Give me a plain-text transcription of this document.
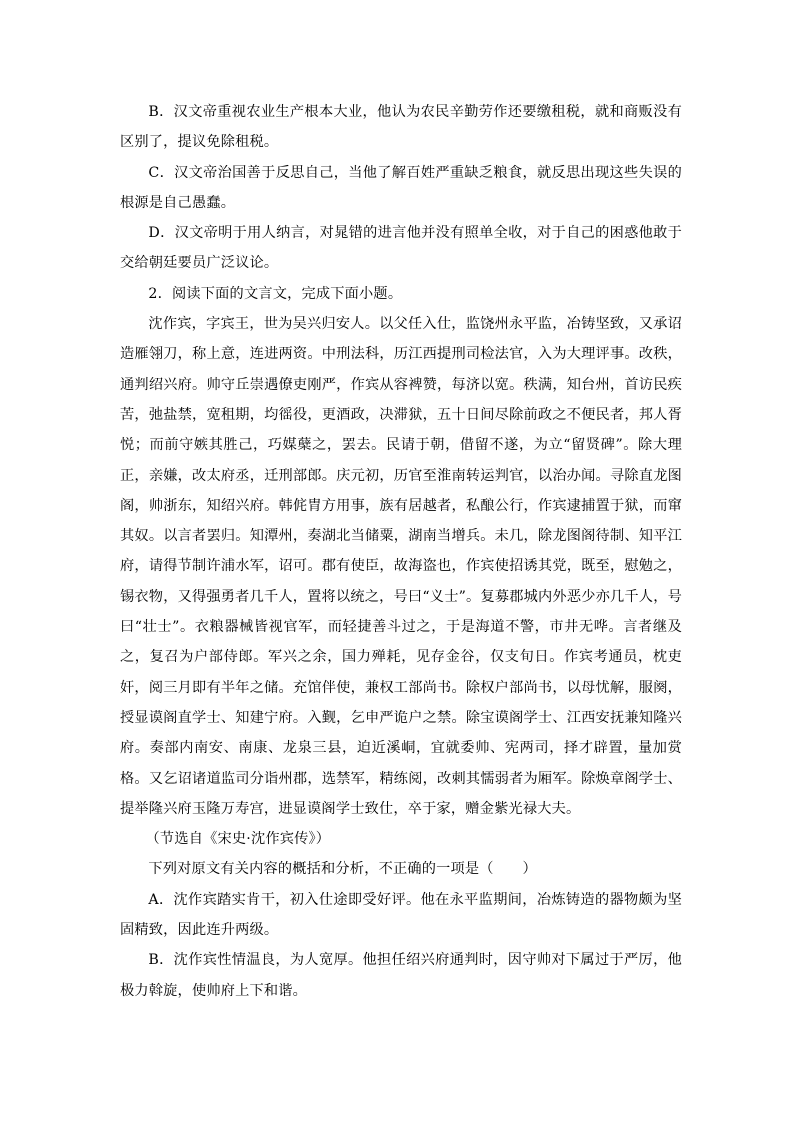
B．汉文帝重视农业生产根本大业，他认为农民辛勤劳作还要缴租税，就和商贩没有区别了，提议免除租税。

C．汉文帝治国善于反思自己，当他了解百姓严重缺乏粮食，就反思出现这些失误的根源是自己愚蠢。

D．汉文帝明于用人纳言，对晁错的进言他并没有照单全收，对于自己的困惑他敢于交给朝廷要员广泛议论。

2．阅读下面的文言文，完成下面小题。

沈作宾，字宾王，世为吴兴归安人。以父任入仕，监饶州永平监，冶铸坚致，又承诏造雁翎刀，称上意，连进两资。中刑法科，历江西提刑司检法官，入为大理评事。改秩，通判绍兴府。帅守丘崇遇僚吏刚严，作宾从容裨赞，每济以宽。秩满，知台州，首访民疾苦，弛盐禁，宽租期，均徭役，更酒政，决滞狱，五十日间尽除前政之不便民者，邦人胥悦；而前守嫉其胜己，巧媒蘖之，罢去。民请于朝，借留不遂，为立“留贤碑”。除大理正，亲嫌，改太府丞，迁刑部郎。庆元初，历官至淮南转运判官，以治办闻。寻除直龙图阁，帅浙东，知绍兴府。韩侂胄方用事，族有居越者，私酿公行，作宾逮捕置于狱，而窜其奴。以言者罢归。知潭州，奏湖北当储粟，湖南当增兵。未几，除龙图阁待制、知平江府，请得节制许浦水军，诏可。郡有使臣，故海盗也，作宾使招诱其党，既至，慰勉之，锡衣物，又得强勇者几千人，置将以统之，号曰“义士”。复募郡城内外恶少亦几千人，号曰“壮士”。衣粮器械皆视官军，而轻捷善斗过之，于是海道不警，市井无哗。言者继及之，复召为户部侍郎。军兴之余，国力殚耗，见存金谷，仅支旬日。作宾考通员，枕吏奸，阅三月即有半年之储。充馆伴使，兼权工部尚书。除权户部尚书，以母忧解，服阕，授显谟阁直学士、知建宁府。入觐，乞申严诡户之禁。除宝谟阁学士、江西安抚兼知隆兴府。奏部内南安、南康、龙泉三县，迫近溪峒，宜就委帅、宪两司，择才辟置，量加赏格。又乞诏诸道监司分诣州郡，选禁军，精练阅，改刺其懦弱者为厢军。除焕章阁学士、提举隆兴府玉隆万寿宫，进显谟阁学士致仕，卒于家，赠金紫光禄大夫。

（节选自《宋史·沈作宾传》）

下列对原文有关内容的概括和分析，不正确的一项是（　　）

A．沈作宾踏实肯干，初入仕途即受好评。他在永平监期间，冶炼铸造的器物颇为坚固精致，因此连升两级。

B．沈作宾性情温良，为人宽厚。他担任绍兴府通判时，因守帅对下属过于严厉，他极力斡旋，使帅府上下和谐。
